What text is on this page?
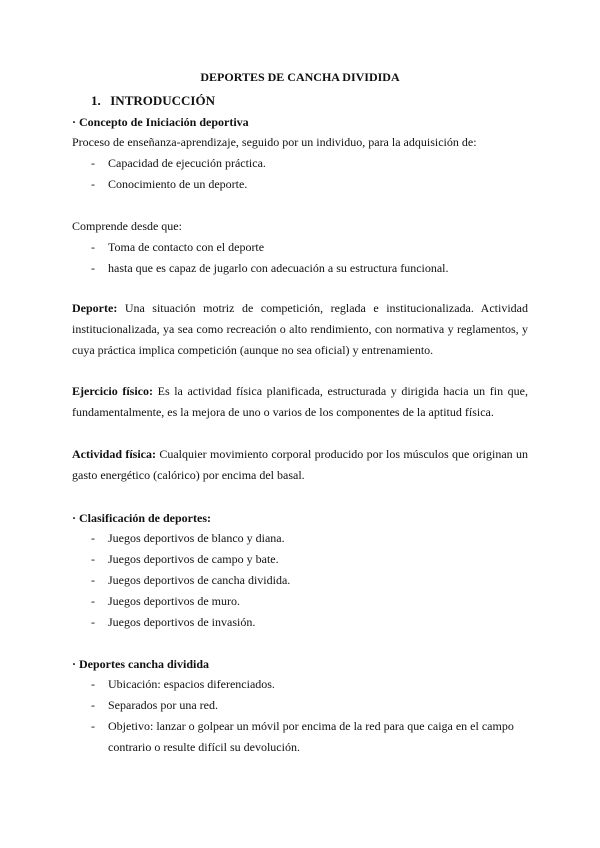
DEPORTES DE CANCHA DIVIDIDA
1. INTRODUCCIÓN
· Concepto de Iniciación deportiva
Proceso de enseñanza-aprendizaje, seguido por un individuo, para la adquisición de:
- Capacidad de ejecución práctica.
- Conocimiento de un deporte.
Comprende desde que:
- Toma de contacto con el deporte
- hasta que es capaz de jugarlo con adecuación a su estructura funcional.
Deporte: Una situación motriz de competición, reglada e institucionalizada. Actividad institucionalizada, ya sea como recreación o alto rendimiento, con normativa y reglamentos, y cuya práctica implica competición (aunque no sea oficial) y entrenamiento.
Ejercicio físico: Es la actividad física planificada, estructurada y dirigida hacia un fin que, fundamentalmente, es la mejora de uno o varios de los componentes de la aptitud física.
Actividad física: Cualquier movimiento corporal producido por los músculos que originan un gasto energético (calórico) por encima del basal.
· Clasificación de deportes:
- Juegos deportivos de blanco y diana.
- Juegos deportivos de campo y bate.
- Juegos deportivos de cancha dividida.
- Juegos deportivos de muro.
- Juegos deportivos de invasión.
· Deportes cancha dividida
- Ubicación: espacios diferenciados.
- Separados por una red.
- Objetivo: lanzar o golpear un móvil por encima de la red para que caiga en el campo contrario o resulte difícil su devolución.
